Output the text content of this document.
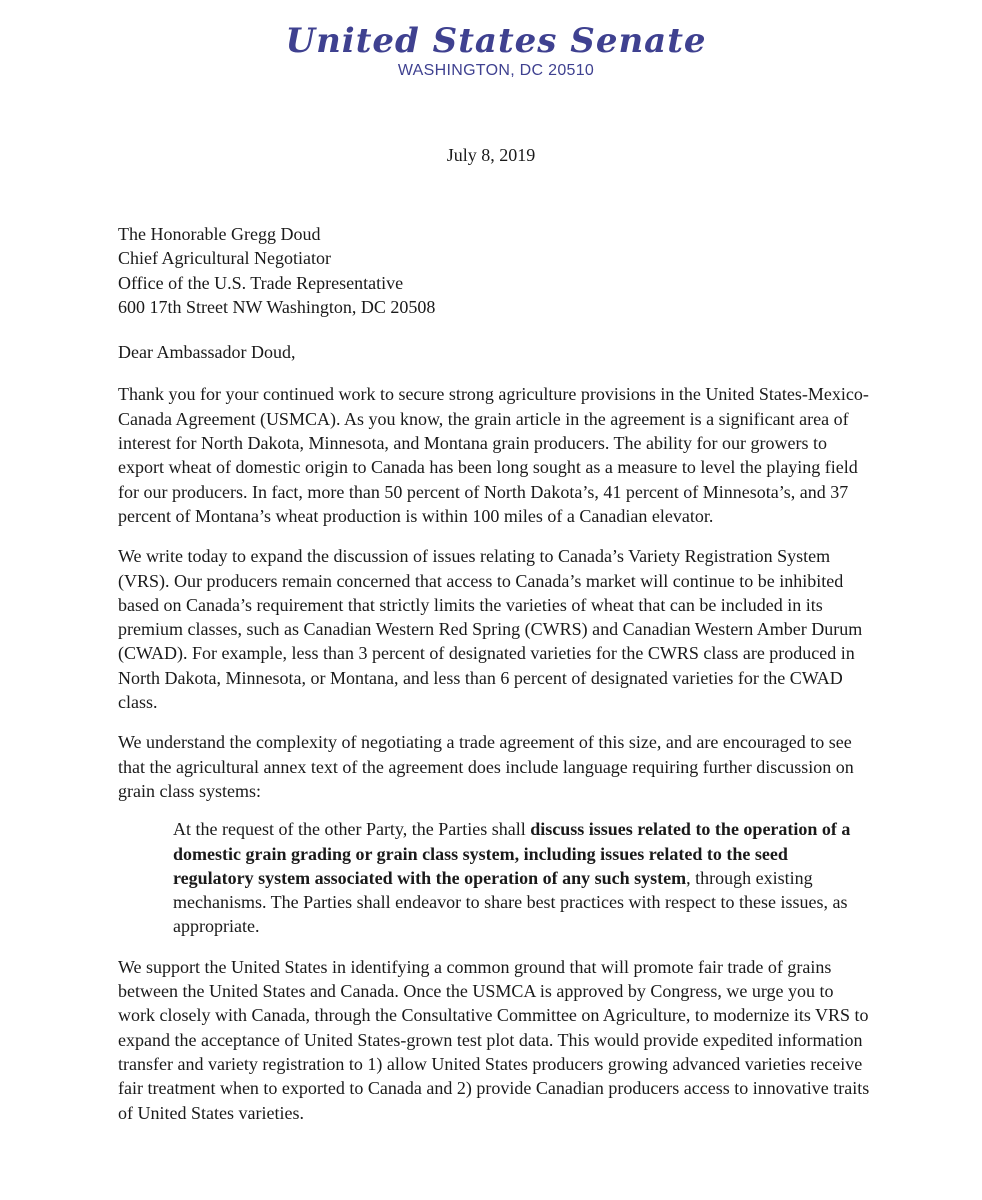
United States Senate
WASHINGTON, DC 20510
July 8, 2019
The Honorable Gregg Doud
Chief Agricultural Negotiator
Office of the U.S. Trade Representative
600 17th Street NW Washington, DC 20508
Dear Ambassador Doud,

Thank you for your continued work to secure strong agriculture provisions in the United States-Mexico-Canada Agreement (USMCA). As you know, the grain article in the agreement is a significant area of interest for North Dakota, Minnesota, and Montana grain producers. The ability for our growers to export wheat of domestic origin to Canada has been long sought as a measure to level the playing field for our producers. In fact, more than 50 percent of North Dakota’s, 41 percent of Minnesota’s, and 37 percent of Montana’s wheat production is within 100 miles of a Canadian elevator.

We write today to expand the discussion of issues relating to Canada’s Variety Registration System (VRS). Our producers remain concerned that access to Canada’s market will continue to be inhibited based on Canada’s requirement that strictly limits the varieties of wheat that can be included in its premium classes, such as Canadian Western Red Spring (CWRS) and Canadian Western Amber Durum (CWAD). For example, less than 3 percent of designated varieties for the CWRS class are produced in North Dakota, Minnesota, or Montana, and less than 6 percent of designated varieties for the CWAD class.

We understand the complexity of negotiating a trade agreement of this size, and are encouraged to see that the agricultural annex text of the agreement does include language requiring further discussion on grain class systems:

At the request of the other Party, the Parties shall discuss issues related to the operation of a domestic grain grading or grain class system, including issues related to the seed regulatory system associated with the operation of any such system, through existing mechanisms. The Parties shall endeavor to share best practices with respect to these issues, as appropriate.

We support the United States in identifying a common ground that will promote fair trade of grains between the United States and Canada. Once the USMCA is approved by Congress, we urge you to work closely with Canada, through the Consultative Committee on Agriculture, to modernize its VRS to expand the acceptance of United States-grown test plot data. This would provide expedited information transfer and variety registration to 1) allow United States producers growing advanced varieties receive fair treatment when to exported to Canada and 2) provide Canadian producers access to innovative traits of United States varieties.
